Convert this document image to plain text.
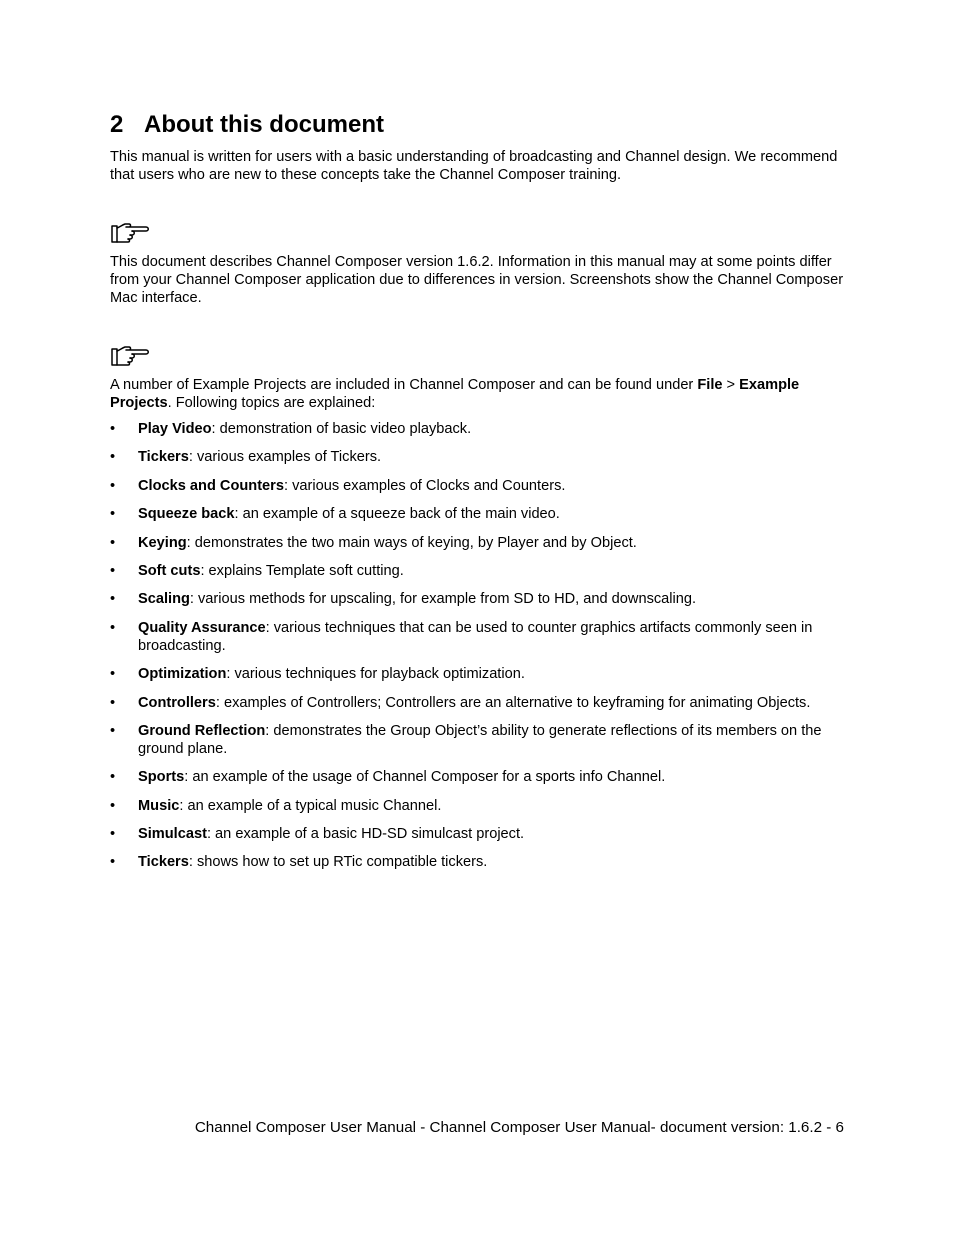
2 About this document

This manual is written for users with a basic understanding of broadcasting and Channel design. We recommend that users who are new to these concepts take the Channel Composer training.

This document describes Channel Composer version 1.6.2. Information in this manual may at some points differ from your Channel Composer application due to differences in version. Screenshots show the Channel Composer Mac interface.

A number of Example Projects are included in Channel Composer and can be found under File > Example Projects. Following topics are explained:

•	Play Video: demonstration of basic video playback.
•	Tickers: various examples of Tickers.
•	Clocks and Counters: various examples of Clocks and Counters.
•	Squeeze back: an example of a squeeze back of the main video.
•	Keying: demonstrates the two main ways of keying, by Player and by Object.
•	Soft cuts: explains Template soft cutting.
•	Scaling: various methods for upscaling, for example from SD to HD, and downscaling.
•	Quality Assurance: various techniques that can be used to counter graphics artifacts commonly seen in broadcasting.
•	Optimization: various techniques for playback optimization.
•	Controllers: examples of Controllers; Controllers are an alternative to keyframing for animating Objects.
•	Ground Reflection: demonstrates the Group Object’s ability to generate reflections of its members on the ground plane.
•	Sports: an example of the usage of Channel Composer for a sports info Channel.
•	Music: an example of a typical music Channel.
•	Simulcast: an example of a basic HD-SD simulcast project.
•	Tickers: shows how to set up RTic compatible tickers.
Channel Composer User Manual - Channel Composer User Manual- document version: 1.6.2 - 6
